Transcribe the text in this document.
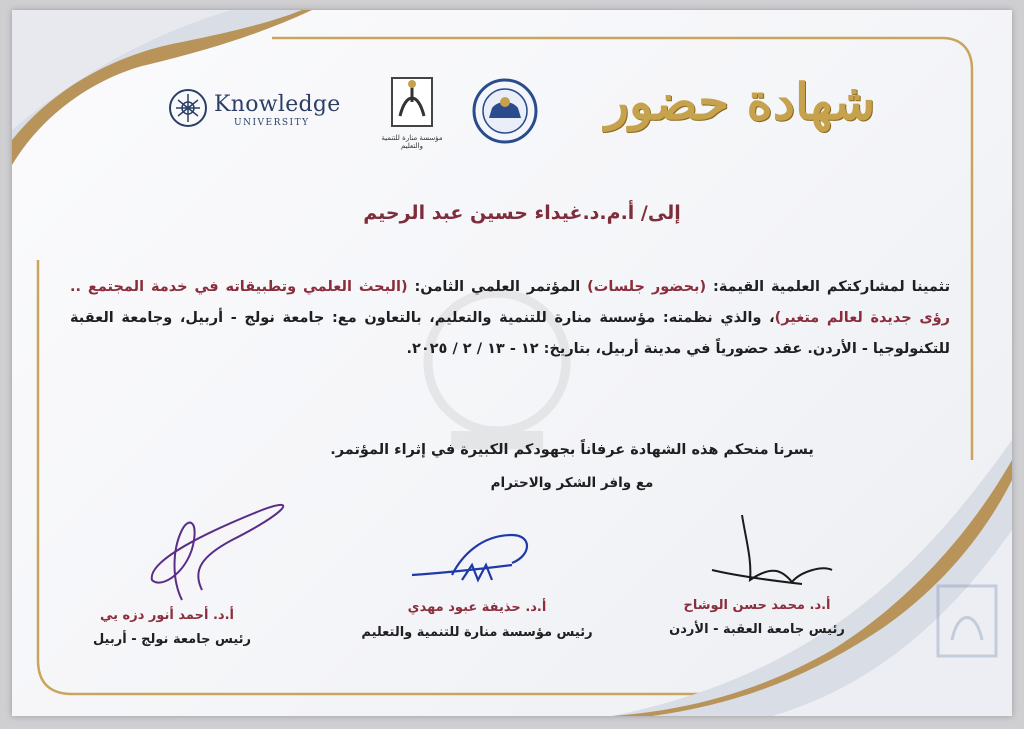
Knowledge
UNIVERSITY
مؤسسة منارة للتنمية والتعليم
شهادة حضور
إلى/ أ.م.د.غيداء حسين عبد الرحيم
تثمينا لمشاركتكم العلمية القيمة: (بحضور جلسات) المؤتمر العلمي الثامن: (البحث العلمي وتطبيقاته في خدمة المجتمع .. رؤى جديدة لعالم متغير)، والذي نظمته: مؤسسة منارة للتنمية والتعليم، بالتعاون مع: جامعة نولج - أربيل، وجامعة العقبة للتكنولوجيا - الأردن. عقد حضورياً في مدينة أربيل، بتاريخ: ١٢ - ١٣ / ٢ / ٢٠٢٥.
يسرنا منحكم هذه الشهادة عرفاناً بجهودكم الكبيرة في إثراء المؤتمر.
مع وافر الشكر والاحترام
أ.د. محمد حسن الوشاح
رئيس جامعة العقبة - الأردن
أ.د. حذيفة عبود مهدي
رئيس مؤسسة منارة للتنمية والتعليم
أ.د. أحمد أنور دزه يي
رئيس جامعة نولج - أربيل
